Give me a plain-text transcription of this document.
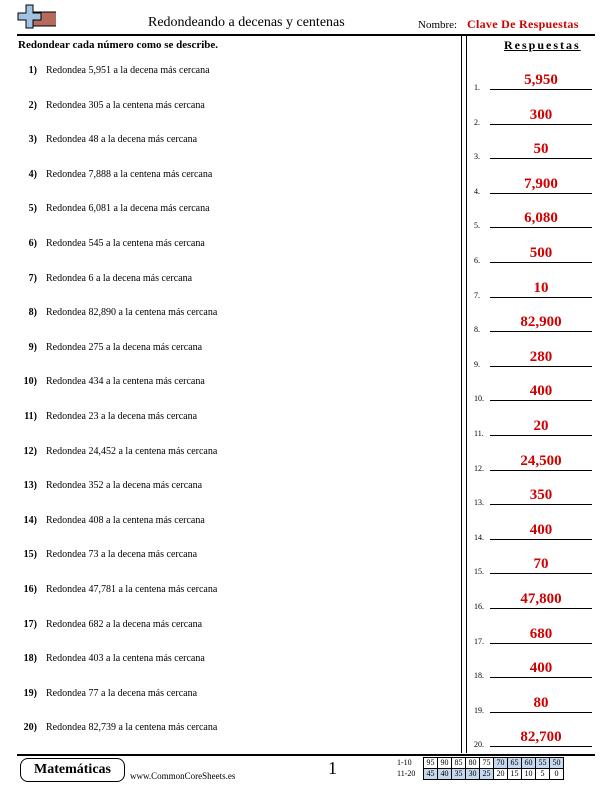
Redondeando a decenas y centenas	Nombre: Clave De Respuestas
Redondear cada número como se describe.	Respuestas
1) Redondea 5,951 a la decena más cercana
2) Redondea 305 a la centena más cercana
3) Redondea 48 a la decena más cercana
4) Redondea 7,888 a la centena más cercana
5) Redondea 6,081 a la decena más cercana
6) Redondea 545 a la centena más cercana
7) Redondea 6 a la decena más cercana
8) Redondea 82,890 a la centena más cercana
9) Redondea 275 a la decena más cercana
10) Redondea 434 a la centena más cercana
11) Redondea 23 a la decena más cercana
12) Redondea 24,452 a la centena más cercana
13) Redondea 352 a la decena más cercana
14) Redondea 408 a la centena más cercana
15) Redondea 73 a la decena más cercana
16) Redondea 47,781 a la centena más cercana
17) Redondea 682 a la decena más cercana
18) Redondea 403 a la centena más cercana
19) Redondea 77 a la decena más cercana
20) Redondea 82,739 a la centena más cercana
1.	5,950
2.	300
3.	50
4.	7,900
5.	6,080
6.	500
7.	10
8.	82,900
9.	280
10.	400
11.	20
12.	24,500
13.	350
14.	400
15.	70
16.	47,800
17.	680
18.	400
19.	80
20.	82,700
Matemáticas	www.CommonCoreSheets.es	1	1-10	95	90	85	80	75	70	65	60	55	50
11-20	45	40	35	30	25	20	15	10	5	0
